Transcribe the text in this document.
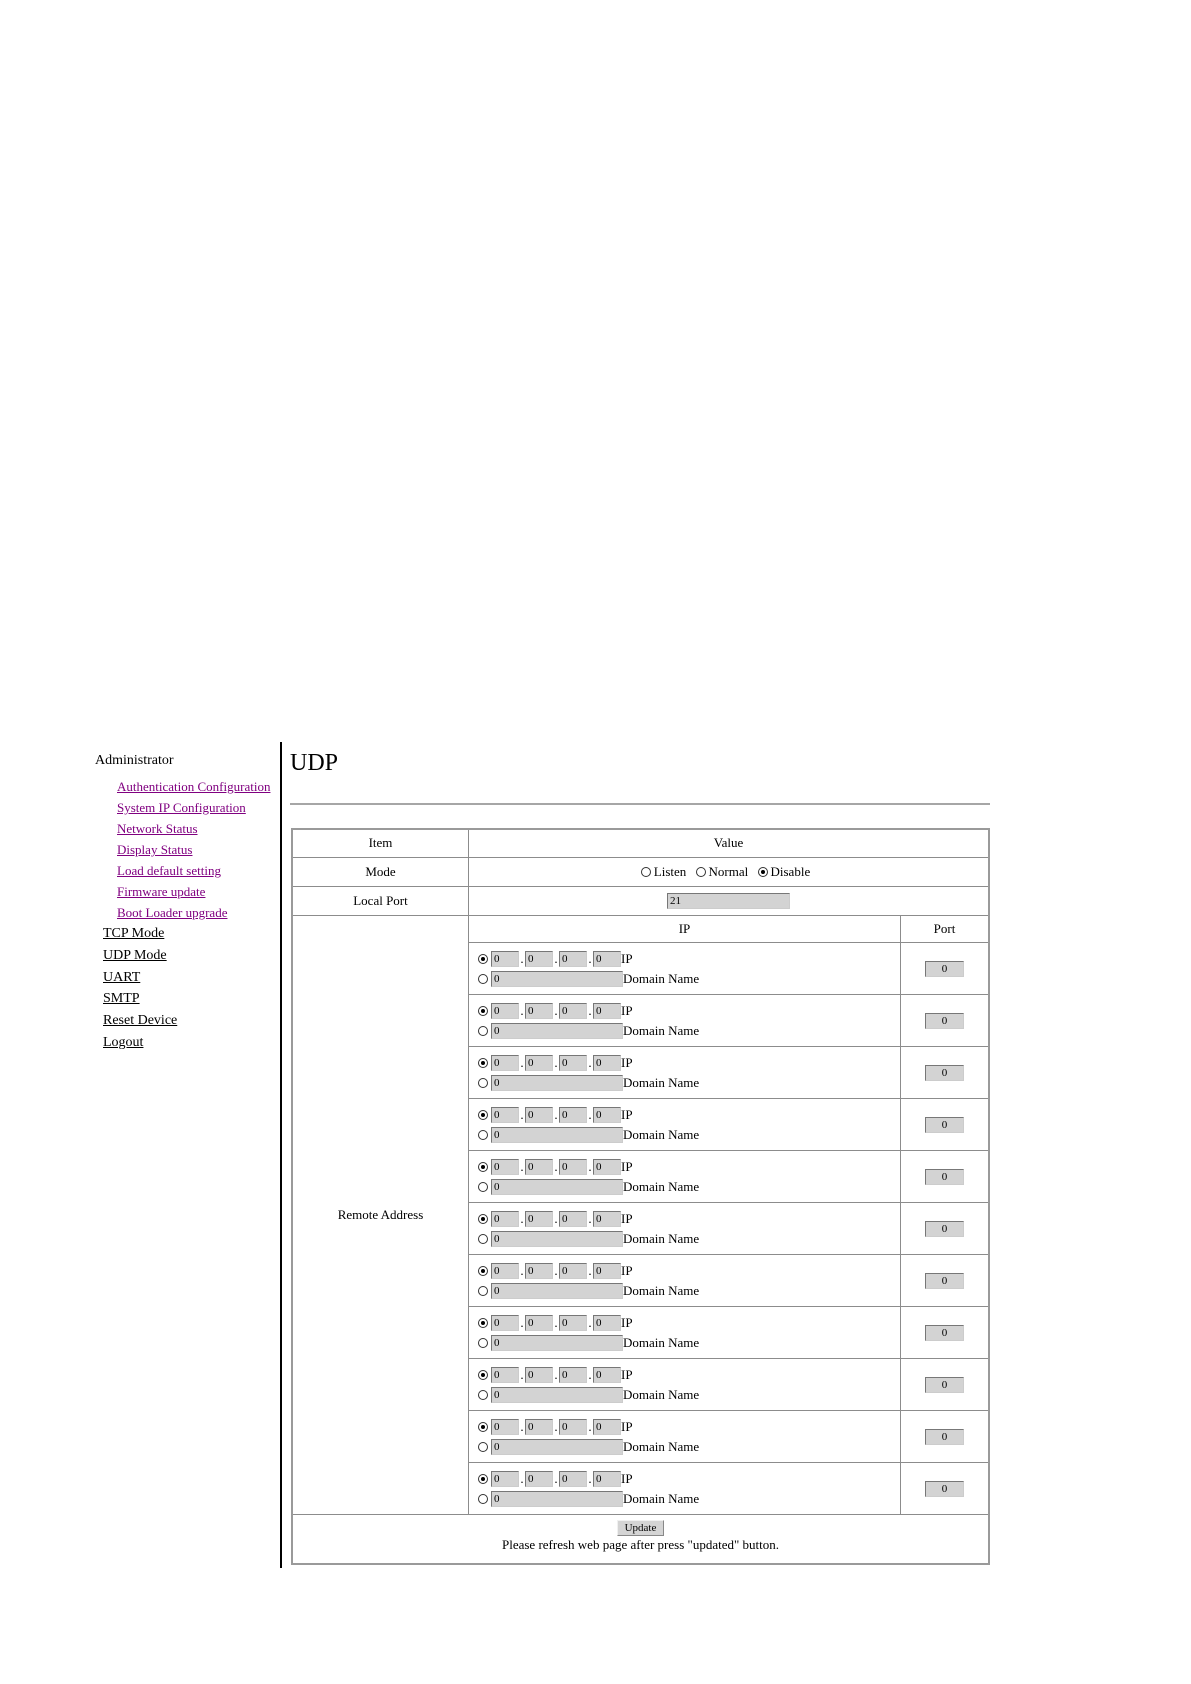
Administrator
Authentication Configuration
System IP Configuration
Network Status
Display Status
Load default setting
Firmware update
Boot Loader upgrade
TCP Mode
UDP Mode
UART
SMTP
Reset Device
Logout
UDP
Item	Value	
Mode	Listen Normal Disable	
Local Port	21	
Remote Address	IP	Port

	0 . 0 . 0 . 0 IP
0 Domain Name	0

	0 . 0 . 0 . 0 IP
0 Domain Name	0

	0 . 0 . 0 . 0 IP
0 Domain Name	0

	0 . 0 . 0 . 0 IP
0 Domain Name	0

	0 . 0 . 0 . 0 IP
0 Domain Name	0

	0 . 0 . 0 . 0 IP
0 Domain Name	0

	0 . 0 . 0 . 0 IP
0 Domain Name	0

	0 . 0 . 0 . 0 IP
0 Domain Name	0

	0 . 0 . 0 . 0 IP
0 Domain Name	0

	0 . 0 . 0 . 0 IP
0 Domain Name	0

	0 . 0 . 0 . 0 IP
0 Domain Name	0
Update
Please refresh web page after press "updated" button.		
